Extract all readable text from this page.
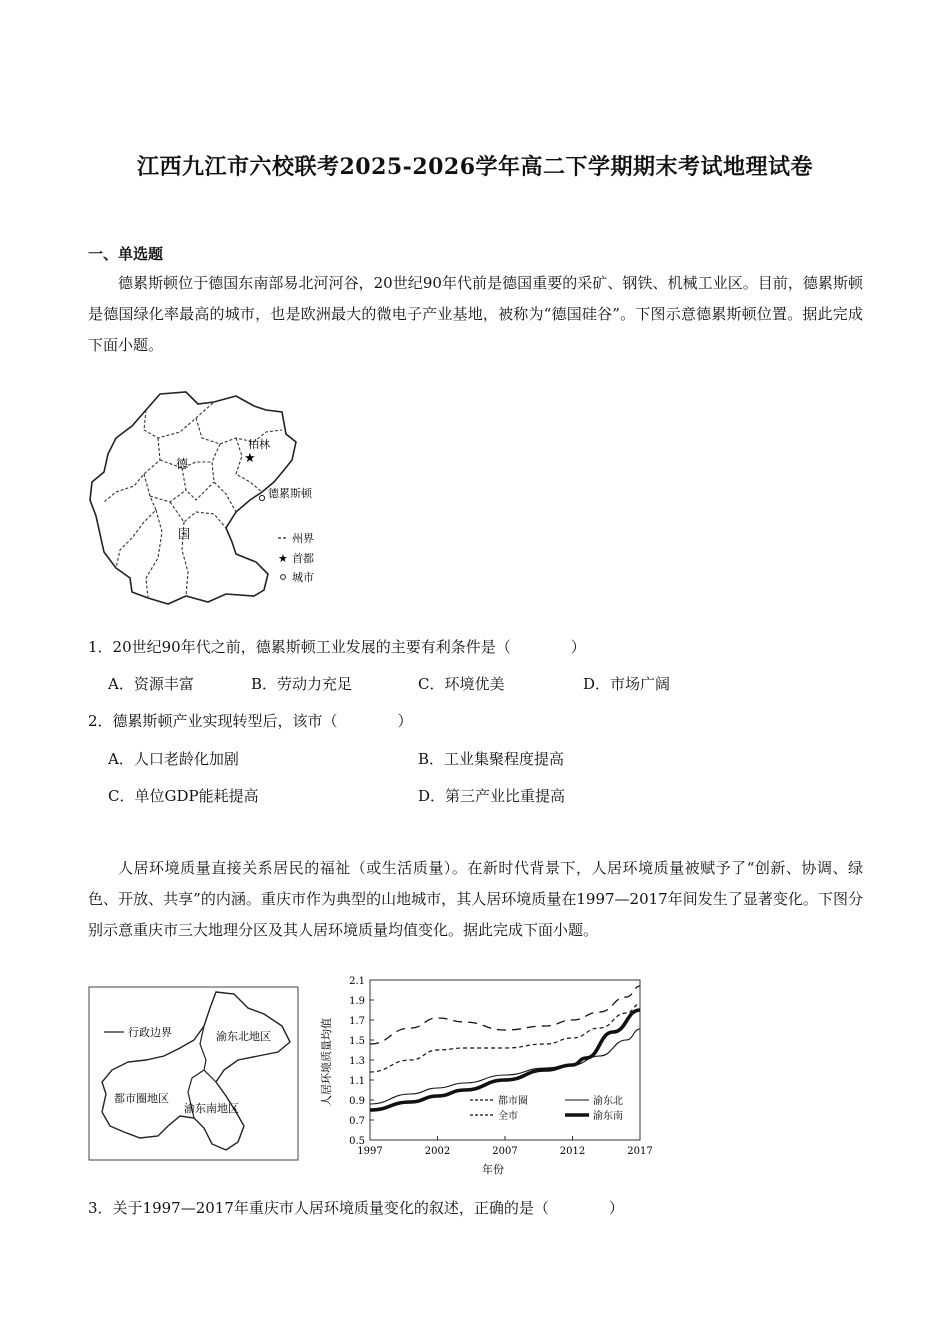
江西九江市六校联考2025-2026学年高二下学期期末考试地理试卷
一、单选题
德累斯顿位于德国东南部易北河河谷，20世纪90年代前是德国重要的采矿、钢铁、机械工业区。目前，德累斯顿是德国绿化率最高的城市，也是欧洲最大的微电子产业基地，被称为“德国硅谷”。下图示意德累斯顿位置。据此完成下面小题。
德
国
柏林
★
德累斯顿
州界
★ 首都
城市
1．20世纪90年代之前，德累斯顿工业发展的主要有利条件是（　　　　）
A．资源丰富	B．劳动力充足	C．环境优美	D．市场广阔
2．德累斯顿产业实现转型后，该市（　　　　）
A．人口老龄化加剧	B．工业集聚程度提高
C．单位GDP能耗提高	D．第三产业比重提高
人居环境质量直接关系居民的福祉（或生活质量）。在新时代背景下，人居环境质量被赋予了“创新、协调、绿色、开放、共享”的内涵。重庆市作为典型的山地城市，其人居环境质量在1997—2017年间发生了显著变化。下图分别示意重庆市三大地理分区及其人居环境质量均值变化。据此完成下面小题。
行政边界	渝东北地区
都市圈地区
渝东南地区
人居环境质量均值
年份
0.5
0.7
0.9
1.1
1.3
1.5
1.7
1.9
2.1
1997	2002	2007	2012	2017
都市圈	渝东北
全市	渝东南
3．关于1997—2017年重庆市人居环境质量变化的叙述，正确的是（　　　　）
